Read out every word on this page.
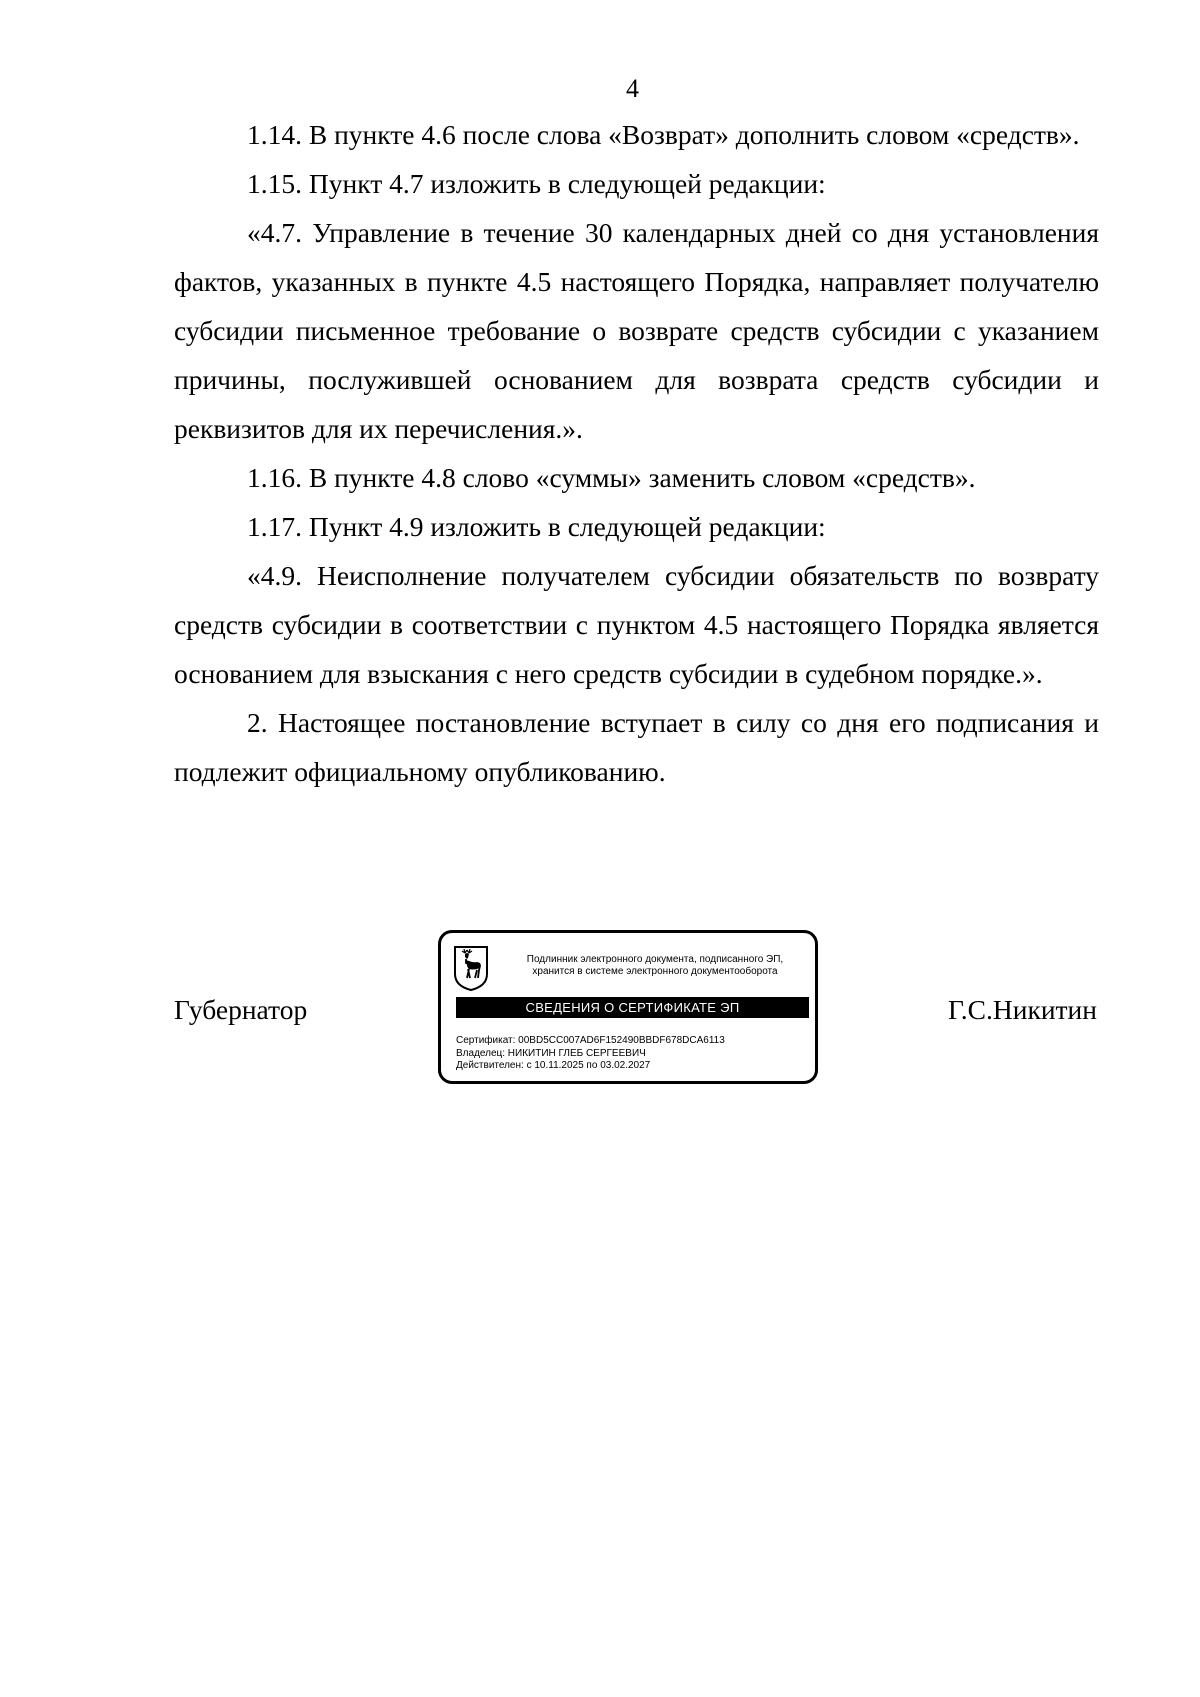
4

1.14. В пункте 4.6 после слова «Возврат» дополнить словом «средств».

1.15. Пункт 4.7 изложить в следующей редакции:

«4.7. Управление в течение 30 календарных дней со дня установления фактов, указанных в пункте 4.5 настоящего Порядка, направляет получателю субсидии письменное требование о возврате средств субсидии с указанием причины, послужившей основанием для возврата средств субсидии и реквизитов для их перечисления.».

1.16. В пункте 4.8 слово «суммы» заменить словом «средств».

1.17. Пункт 4.9 изложить в следующей редакции:

«4.9. Неисполнение получателем субсидии обязательств по возврату средств субсидии в соответствии с пунктом 4.5 настоящего Порядка является основанием для взыскания с него средств субсидии в судебном порядке.».

2. Настоящее постановление вступает в силу со дня его подписания и подлежит официальному опубликованию.

Губернатор
Подлинник электронного документа, подписанного ЭП,
хранится в системе электронного документооборота
СВЕДЕНИЯ О СЕРТИФИКАТЕ ЭП
Сертификат: 00BD5CC007AD6F152490BBDF678DCA6113
Владелец: НИКИТИН ГЛЕБ СЕРГЕЕВИЧ
Действителен: с 10.11.2025 по 03.02.2027
Г.С.Никитин
